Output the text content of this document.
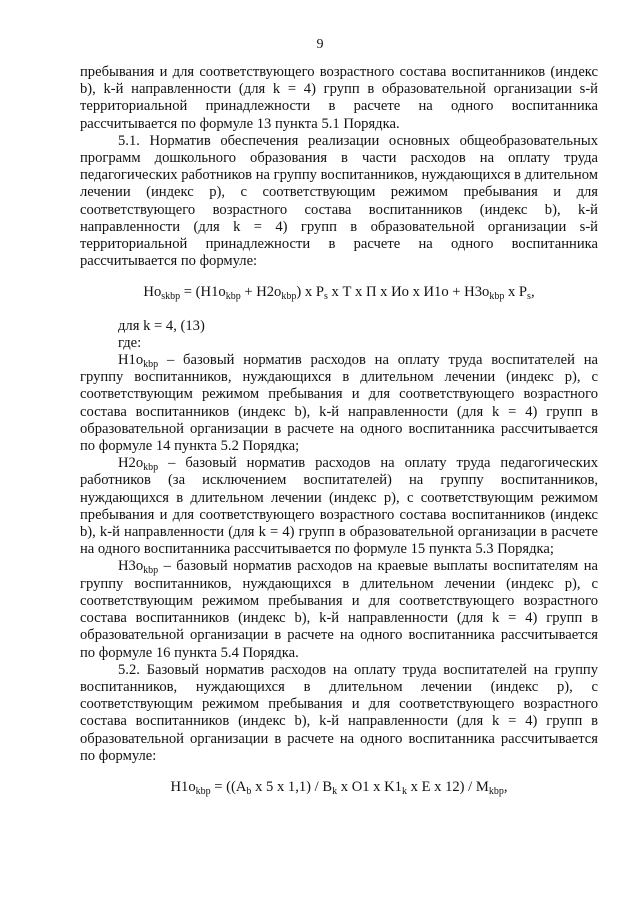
9

пребывания и для соответствующего возрастного состава воспитанников (индекс b), k-й направленности (для k = 4) групп в образовательной организации s-й территориальной принадлежности в расчете на одного воспитанника рассчитывается по формуле 13 пункта 5.1 Порядка.

5.1. Норматив обеспечения реализации основных общеобразовательных программ дошкольного образования в части расходов на оплату труда педагогических работников на группу воспитанников, нуждающихся в длительном лечении (индекс p), с соответствующим режимом пребывания и для соответствующего возрастного состава воспитанников (индекс b), k-й направленности (для k = 4) групп в образовательной организации s-й территориальной принадлежности в расчете на одного воспитанника рассчитывается по формуле:

$Но_{skbp} = (Н1о_{kbp} + Н2о_{kbp})$ x $P_s$ x Т x П x Ио x $И1о + Н3о_{kbp}$ x $P_s$,

для k = 4, (13)

где:

$Н1о_{kbp}$ – базовый норматив расходов на оплату труда воспитателей на группу воспитанников, нуждающихся в длительном лечении (индекс p), с соответствующим режимом пребывания и для соответствующего возрастного состава воспитанников (индекс b), k-й направленности (для k = 4) групп в образовательной организации в расчете на одного воспитанника рассчитывается по формуле 14 пункта 5.2 Порядка;

$Н2о_{kbp}$ – базовый норматив расходов на оплату труда педагогических работников (за исключением воспитателей) на группу воспитанников, нуждающихся в длительном лечении (индекс p), с соответствующим режимом пребывания и для соответствующего возрастного состава воспитанников (индекс b), k-й направленности (для k = 4) групп в образовательной организации в расчете на одного воспитанника рассчитывается по формуле 15 пункта 5.3 Порядка;

$Н3о_{kbp}$ – базовый норматив расходов на краевые выплаты воспитателям на группу воспитанников, нуждающихся в длительном лечении (индекс p), с соответствующим режимом пребывания и для соответствующего возрастного состава воспитанников (индекс b), k-й направленности (для k = 4) групп в образовательной организации в расчете на одного воспитанника рассчитывается по формуле 16 пункта 5.4 Порядка.

5.2. Базовый норматив расходов на оплату труда воспитателей на группу воспитанников, нуждающихся в длительном лечении (индекс p), с соответствующим режимом пребывания и для соответствующего возрастного состава воспитанников (индекс b), k-й направленности (для k = 4) групп в образовательной организации в расчете на одного воспитанника рассчитывается по формуле:

$Н1о_{kbp} = ((A_b$ x 5 x $1,1) / B_k$ x O1 x $K1_k$ x E x $12) / M_{kbp}$,
